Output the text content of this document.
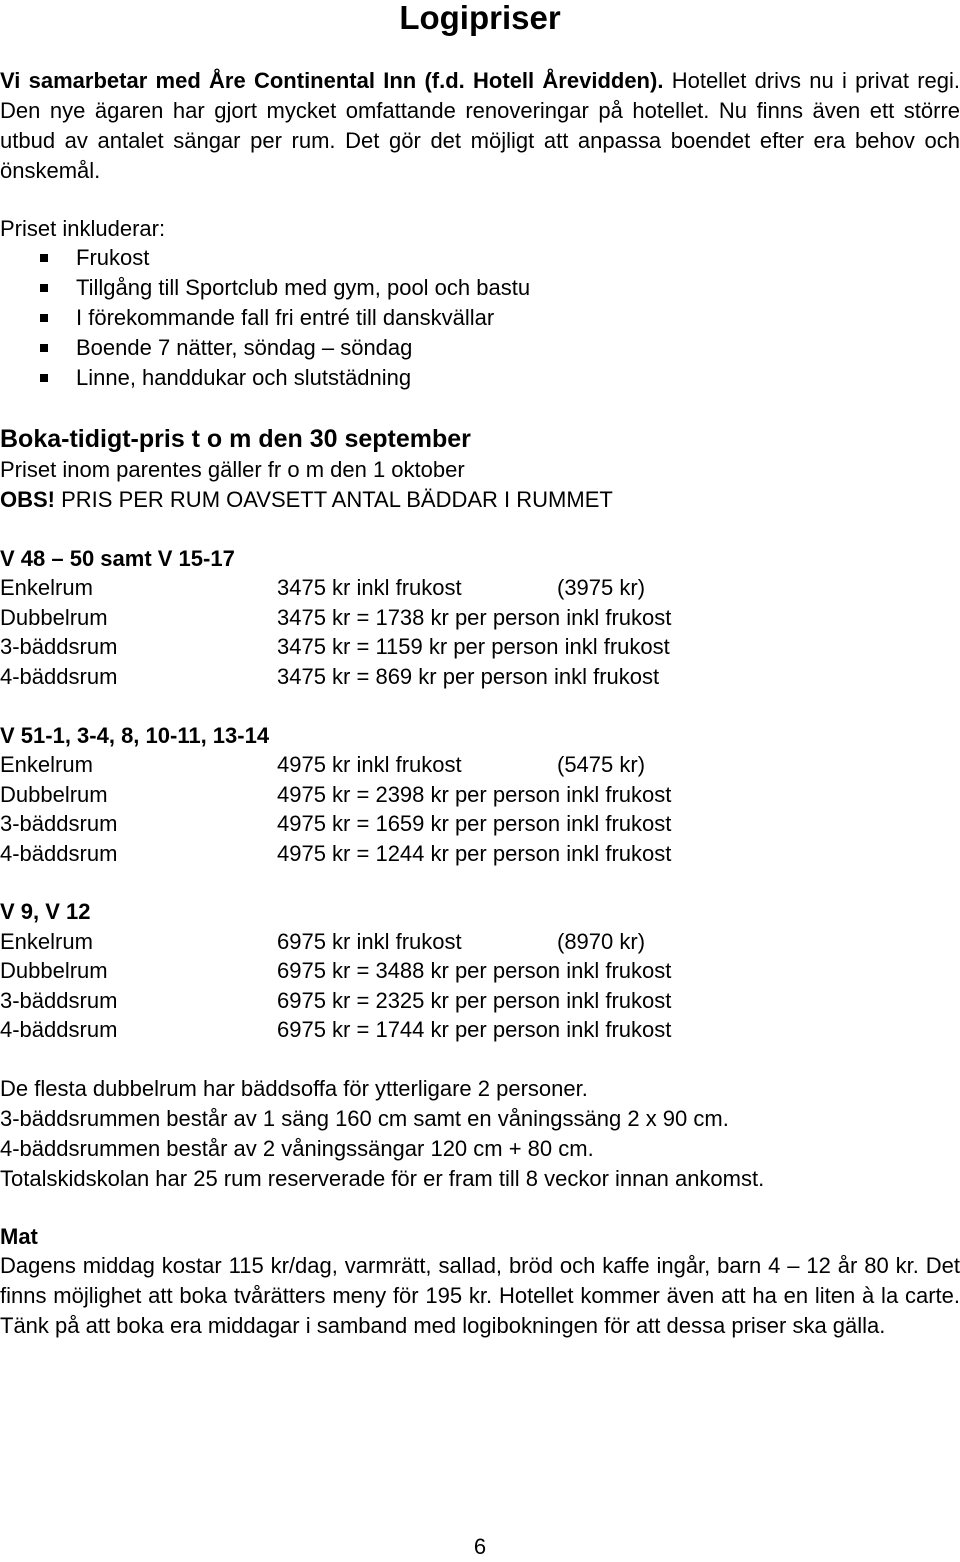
Logipriser

Vi samarbetar med Åre Continental Inn (f.d. Hotell Årevidden). Hotellet drivs nu i privat regi. Den nye ägaren har gjort mycket omfattande renoveringar på hotellet. Nu finns även ett större utbud av antalet sängar per rum. Det gör det möjligt att anpassa boendet efter era behov och önskemål.

Priset inkluderar:
Frukost
Tillgång till Sportclub med gym, pool och bastu
I förekommande fall fri entré till danskvällar
Boende 7 nätter, söndag – söndag
Linne, handdukar och slutstädning
Boka-tidigt-pris t o m den 30 september
Priset inom parentes gäller fr o m den 1 oktober
OBS! PRIS PER RUM OAVSETT ANTAL BÄDDAR I RUMMET
V 48 – 50 samt V 15-17
Enkelrum	3475 kr inkl frukost	(3975 kr)
Dubbelrum	3475 kr = 1738 kr per person inkl frukost
3-bäddsrum	3475 kr = 1159 kr per person inkl frukost
4-bäddsrum	3475 kr = 869 kr per person inkl frukost
V 51-1, 3-4, 8, 10-11, 13-14
Enkelrum	4975 kr inkl frukost	(5475 kr)
Dubbelrum	4975 kr = 2398 kr per person inkl frukost
3-bäddsrum	4975 kr = 1659 kr per person inkl frukost
4-bäddsrum	4975 kr = 1244 kr per person inkl frukost
V 9, V 12
Enkelrum	6975 kr inkl frukost	(8970 kr)
Dubbelrum	6975 kr = 3488 kr per person inkl frukost
3-bäddsrum	6975 kr = 2325 kr per person inkl frukost
4-bäddsrum	6975 kr = 1744 kr per person inkl frukost
De flesta dubbelrum har bäddsoffa för ytterligare 2 personer.
3-bäddsrummen består av 1 säng 160 cm samt en våningssäng 2 x 90 cm.
4-bäddsrummen består av 2 våningssängar 120 cm + 80 cm.
Totalskidskolan har 25 rum reserverade för er fram till 8 veckor innan ankomst.
Mat

Dagens middag kostar 115 kr/dag, varmrätt, sallad, bröd och kaffe ingår, barn 4 – 12 år 80 kr. Det finns möjlighet att boka tvårätters meny för 195 kr. Hotellet kommer även att ha en liten à la carte. Tänk på att boka era middagar i samband med logibokningen för att dessa priser ska gälla.

6
